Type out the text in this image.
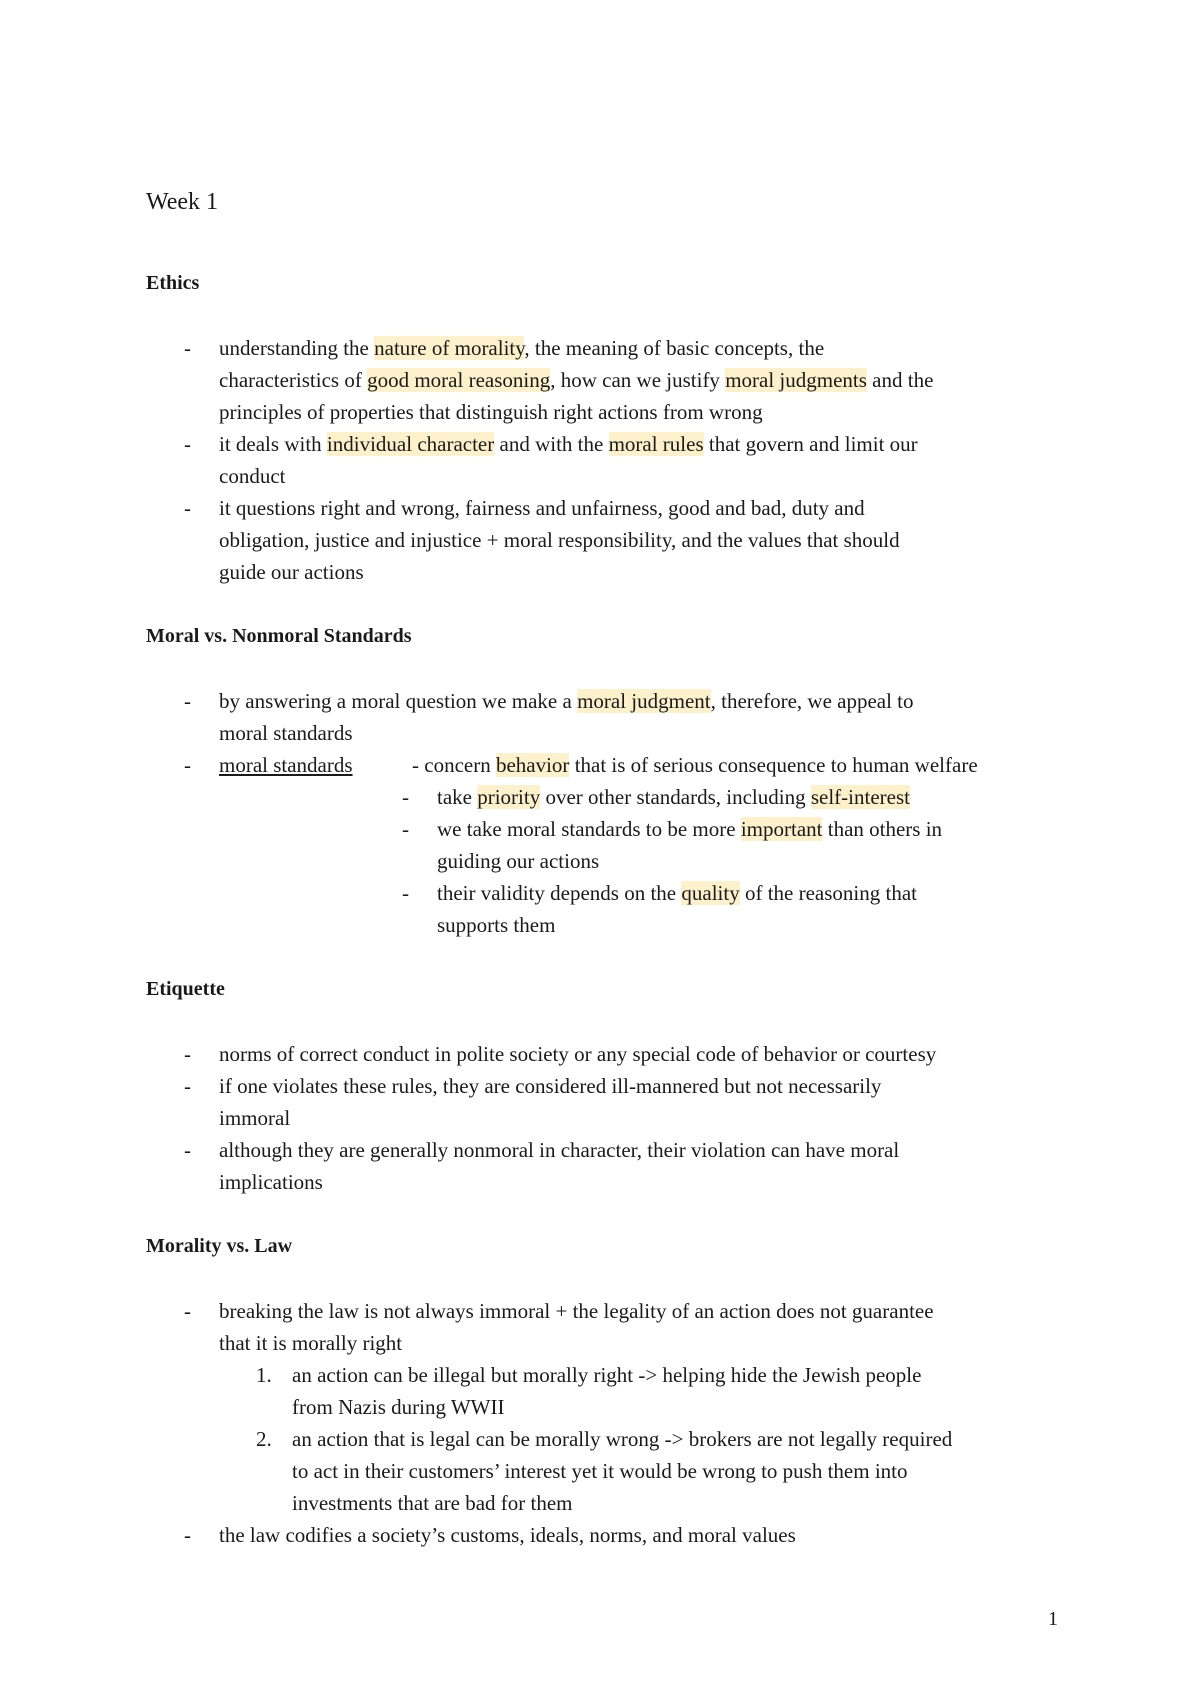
Week 1
Ethics
- understanding the nature of morality, the meaning of basic concepts, the
characteristics of good moral reasoning, how can we justify moral judgments and the
principles of properties that distinguish right actions from wrong
- it deals with individual character and with the moral rules that govern and limit our
conduct
- it questions right and wrong, fairness and unfairness, good and bad, duty and
obligation, justice and injustice + moral responsibility, and the values that should
guide our actions
Moral vs. Nonmoral Standards
- by answering a moral question we make a moral judgment, therefore, we appeal to
moral standards
- moral standards	- concern behavior that is of serious consequence to human welfare
- take priority over other standards, including self-interest
- we take moral standards to be more important than others in
guiding our actions
- their validity depends on the quality of the reasoning that
supports them
Etiquette
- norms of correct conduct in polite society or any special code of behavior or courtesy
- if one violates these rules, they are considered ill-mannered but not necessarily
immoral
- although they are generally nonmoral in character, their violation can have moral
implications
Morality vs. Law
- breaking the law is not always immoral + the legality of an action does not guarantee
that it is morally right
1. an action can be illegal but morally right -> helping hide the Jewish people
from Nazis during WWII
2. an action that is legal can be morally wrong -> brokers are not legally required
to act in their customers’ interest yet it would be wrong to push them into
investments that are bad for them
- the law codifies a society’s customs, ideals, norms, and moral values
1
